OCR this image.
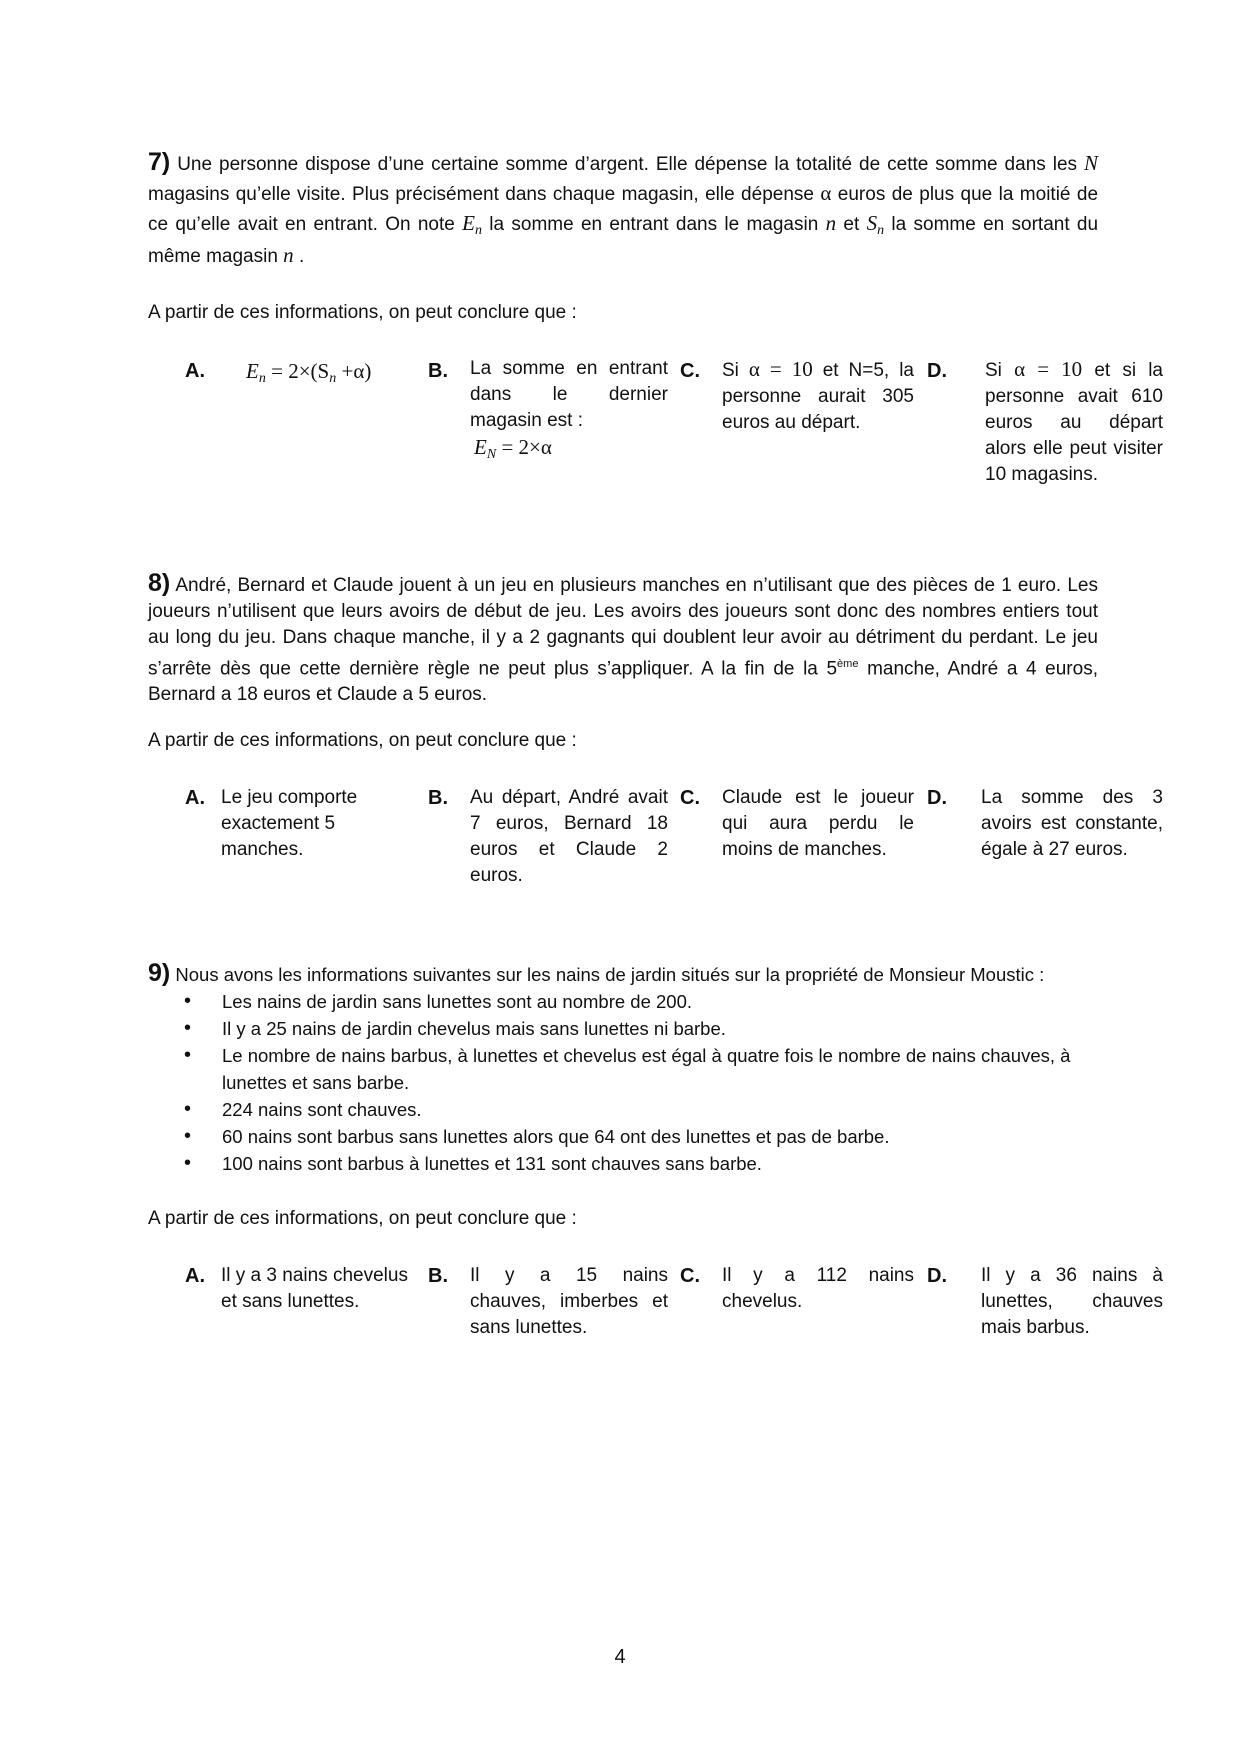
7) Une personne dispose d’une certaine somme d’argent. Elle dépense la totalité de cette somme dans les N magasins qu’elle visite. Plus précisément dans chaque magasin, elle dépense α euros de plus que la moitié de ce qu’elle avait en entrant. On note $E_n$ la somme en entrant dans le magasin n et $S_n$ la somme en sortant du même magasin n .
A partir de ces informations, on peut conclure que :
A. $E_n = 2\times(S_n +\alpha)$	B. La somme en entrant dans le dernier magasin est :
$E_N = 2\times\alpha$
C. Si α = 10 et N=5, la personne aurait 305 euros au départ.
D. Si α = 10 et si la personne avait 610 euros au départ alors elle peut visiter 10 magasins.
8) André, Bernard et Claude jouent à un jeu en plusieurs manches en n’utilisant que des pièces de 1 euro. Les joueurs n’utilisent que leurs avoirs de début de jeu. Les avoirs des joueurs sont donc des nombres entiers tout au long du jeu. Dans chaque manche, il y a 2 gagnants qui doublent leur avoir au détriment du perdant. Le jeu s’arrête dès que cette dernière règle ne peut plus s’appliquer. A la fin de la 5ème manche, André a 4 euros, Bernard a 18 euros et Claude a 5 euros.
A partir de ces informations, on peut conclure que :
A. Le jeu comporte exactement 5 manches.
B. Au départ, André avait 7 euros, Bernard 18 euros et Claude 2 euros.
C. Claude est le joueur qui aura perdu le moins de manches.
D. La somme des 3 avoirs est constante, égale à 27 euros.
9) Nous avons les informations suivantes sur les nains de jardin situés sur la propriété de Monsieur Moustic :
• Les nains de jardin sans lunettes sont au nombre de 200.
• Il y a 25 nains de jardin chevelus mais sans lunettes ni barbe.
• Le nombre de nains barbus, à lunettes et chevelus est égal à quatre fois le nombre de nains chauves, à lunettes et sans barbe.
• 224 nains sont chauves.
• 60 nains sont barbus sans lunettes alors que 64 ont des lunettes et pas de barbe.
• 100 nains sont barbus à lunettes et 131 sont chauves sans barbe.
A partir de ces informations, on peut conclure que :
A. Il y a 3 nains chevelus et sans lunettes.
B. Il y a 15 nains chauves, imberbes et sans lunettes.
C. Il y a 112 nains chevelus.
D. Il y a 36 nains à lunettes, chauves mais barbus.
4
